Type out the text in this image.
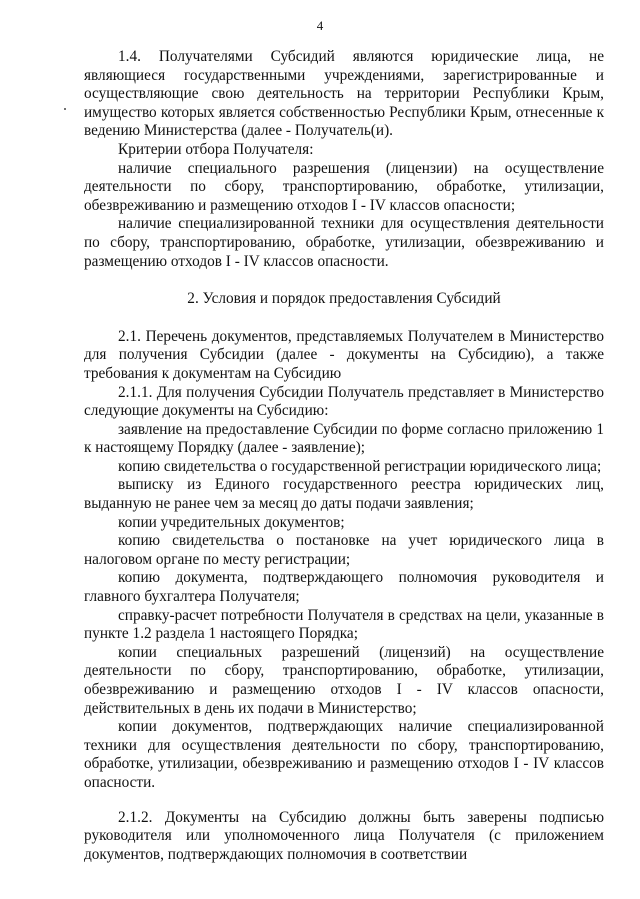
4

1.4. Получателями Субсидий являются юридические лица, не являющиеся государственными учреждениями, зарегистрированные и осуществляющие свою деятельность на территории Республики Крым, имущество которых является собственностью Республики Крым, отнесенные к ведению Министерства (далее - Получатель(и).

Критерии отбора Получателя:

наличие специального разрешения (лицензии) на осуществление деятельности по сбору, транспортированию, обработке, утилизации, обезвреживанию и размещению отходов I - IV классов опасности;

наличие специализированной техники для осуществления деятельности по сбору, транспортированию, обработке, утилизации, обезвреживанию и размещению отходов I - IV классов опасности.

2. Условия и порядок предоставления Субсидий

2.1. Перечень документов, представляемых Получателем в Министерство для получения Субсидии (далее - документы на Субсидию), а также требования к документам на Субсидию

2.1.1. Для получения Субсидии Получатель представляет в Министерство следующие документы на Субсидию:

заявление на предоставление Субсидии по форме согласно приложению 1 к настоящему Порядку (далее - заявление);

копию свидетельства о государственной регистрации юридического лица;

выписку из Единого государственного реестра юридических лиц, выданную не ранее чем за месяц до даты подачи заявления;

копии учредительных документов;

копию свидетельства о постановке на учет юридического лица в налоговом органе по месту регистрации;

копию документа, подтверждающего полномочия руководителя и главного бухгалтера Получателя;

справку-расчет потребности Получателя в средствах на цели, указанные в пункте 1.2 раздела 1 настоящего Порядка;

копии специальных разрешений (лицензий) на осуществление деятельности по сбору, транспортированию, обработке, утилизации, обезвреживанию и размещению отходов I - IV классов опасности, действительных в день их подачи в Министерство;

копии документов, подтверждающих наличие специализированной техники для осуществления деятельности по сбору, транспортированию, обработке, утилизации, обезвреживанию и размещению отходов I - IV классов опасности.

2.1.2. Документы на Субсидию должны быть заверены подписью руководителя или уполномоченного лица Получателя (с приложением документов, подтверждающих полномочия в соответствии
